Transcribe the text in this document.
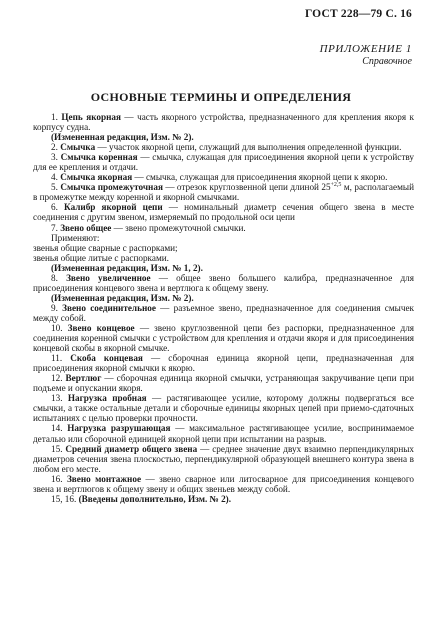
ГОСТ 228—79 С. 16
ПРИЛОЖЕНИЕ 1
Справочное
ОСНОВНЫЕ ТЕРМИНЫ И ОПРЕДЕЛЕНИЯ

1. Цепь якорная — часть якорного устройства, предназначенного для крепления якоря к корпусу судна.

(Измененная редакция, Изм. № 2).

2. Смычка — участок якорной цепи, служащий для выполнения определенной функции.

3. Смычка коренная — смычка, служащая для присоединения якорной цепи к устройству для ее крепления и отдачи.

4. Смычка якорная — смычка, служащая для присоединения якорной цепи к якорю.

5. Смычка промежуточная — отрезок круглозвенной цепи длиной $25^{+2,5}$ м, располагаемый в промежутке между коренной и якорной смычками.

6. Калибр якорной цепи — номинальный диаметр сечения общего звена в месте соединения с другим звеном, измеряемый по продольной оси цепи

7. Звено общее — звено промежуточной смычки.

Применяют:

звенья общие сварные с распорками;

звенья общие литые с распорками.

(Измененная редакция, Изм. № 1, 2).

8. Звено увеличенное — общее звено большего калибра, предназначенное для присоединения концевого звена и вертлюга к общему звену.

(Измененная редакция, Изм. № 2).

9. Звено соединительное — разъемное звено, предназначенное для соединения смычек между собой.

10. Звено концевое — звено круглозвенной цепи без распорки, предназначенное для соединения коренной смычки с устройством для крепления и отдачи якоря и для присоединения концевой скобы в якорной смычке.

11. Скоба концевая — сборочная единица якорной цепи, предназначенная для присоединения якорной смычки к якорю.

12. Вертлюг — сборочная единица якорной смычки, устраняющая закручивание цепи при подъеме и опускании якоря.

13. Нагрузка пробная — растягивающее усилие, которому должны подвергаться все смычки, а также остальные детали и сборочные единицы якорных цепей при приемо-сдаточных испытаниях с целью проверки прочности.

14. Нагрузка разрушающая — максимальное растягивающее усилие, воспринимаемое деталью или сборочной единицей якорной цепи при испытании на разрыв.

15. Средний диаметр общего звена — среднее значение двух взаимно перпендикулярных диаметров сечения звена плоскостью, перпендикулярной образующей внешнего контура звена в любом его месте.

16. Звено монтажное — звено сварное или литосварное для присоединения концевого звена и вертлюгов к общему звену и общих звеньев между собой.

15, 16. (Введены дополнительно, Изм. № 2).
